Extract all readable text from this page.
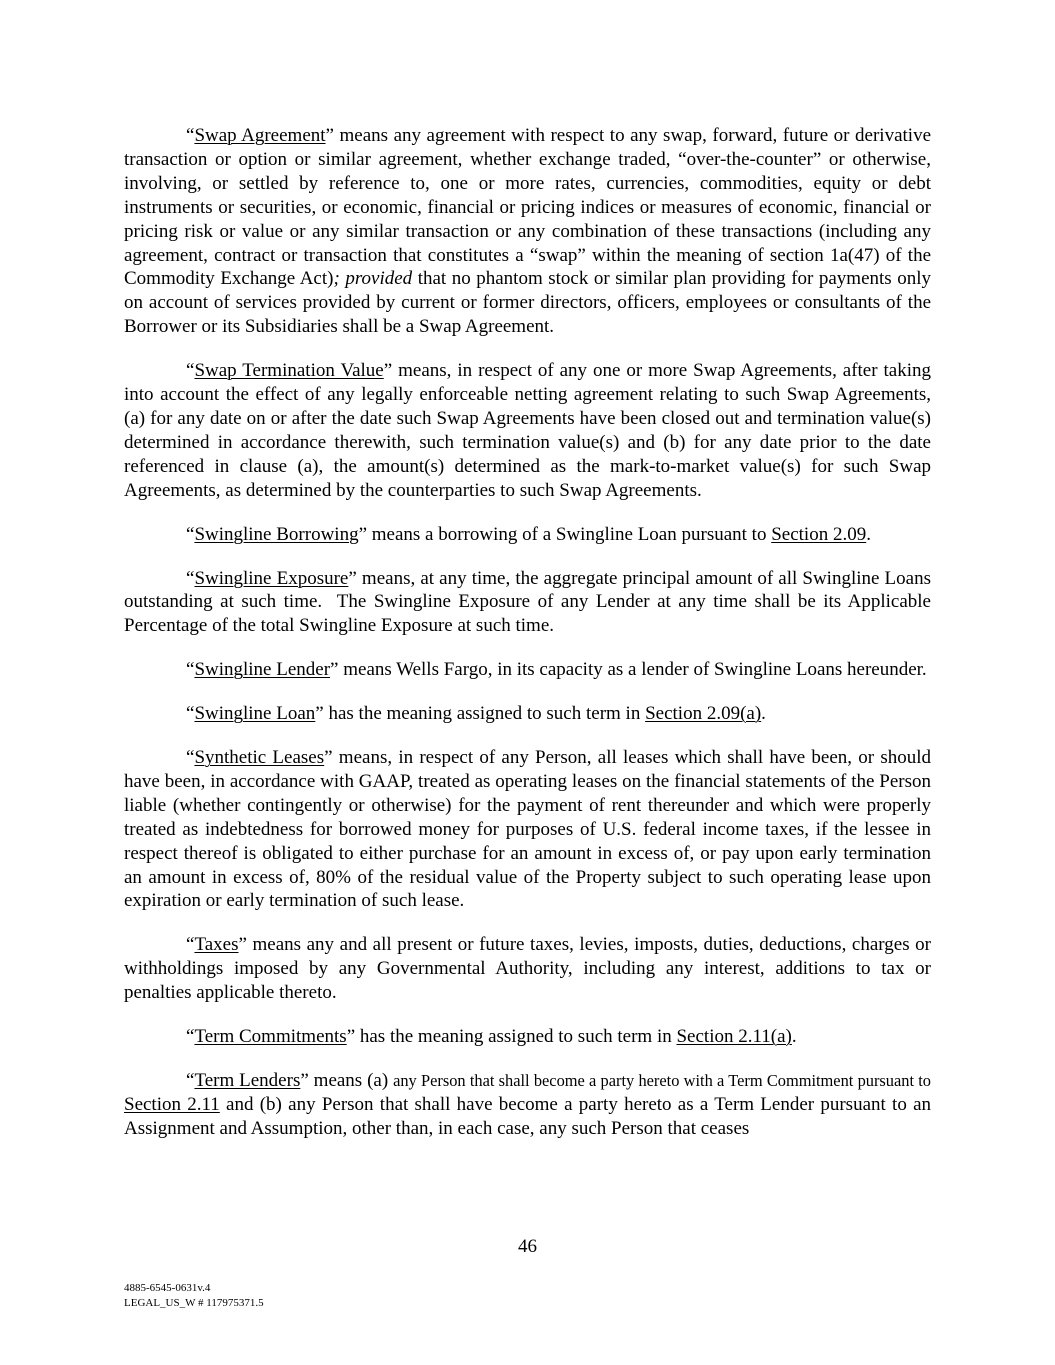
“Swap Agreement” means any agreement with respect to any swap, forward, future or derivative transaction or option or similar agreement, whether exchange traded, “over-the-counter” or otherwise, involving, or settled by reference to, one or more rates, currencies, commodities, equity or debt instruments or securities, or economic, financial or pricing indices or measures of economic, financial or pricing risk or value or any similar transaction or any combination of these transactions (including any agreement, contract or transaction that constitutes a “swap” within the meaning of section 1a(47) of the Commodity Exchange Act); provided that no phantom stock or similar plan providing for payments only on account of services provided by current or former directors, officers, employees or consultants of the Borrower or its Subsidiaries shall be a Swap Agreement.

“Swap Termination Value” means, in respect of any one or more Swap Agreements, after taking into account the effect of any legally enforceable netting agreement relating to such Swap Agreements, (a) for any date on or after the date such Swap Agreements have been closed out and termination value(s) determined in accordance therewith, such termination value(s) and (b) for any date prior to the date referenced in clause (a), the amount(s) determined as the mark-to-market value(s) for such Swap Agreements, as determined by the counterparties to such Swap Agreements.

“Swingline Borrowing” means a borrowing of a Swingline Loan pursuant to Section 2.09.

“Swingline Exposure” means, at any time, the aggregate principal amount of all Swingline Loans outstanding at such time.  The Swingline Exposure of any Lender at any time shall be its Applicable Percentage of the total Swingline Exposure at such time.

“Swingline Lender” means Wells Fargo, in its capacity as a lender of Swingline Loans hereunder.

“Swingline Loan” has the meaning assigned to such term in Section 2.09(a).

“Synthetic Leases” means, in respect of any Person, all leases which shall have been, or should have been, in accordance with GAAP, treated as operating leases on the financial statements of the Person liable (whether contingently or otherwise) for the payment of rent thereunder and which were properly treated as indebtedness for borrowed money for purposes of U.S. federal income taxes, if the lessee in respect thereof is obligated to either purchase for an amount in excess of, or pay upon early termination an amount in excess of, 80% of the residual value of the Property subject to such operating lease upon expiration or early termination of such lease.

“Taxes” means any and all present or future taxes, levies, imposts, duties, deductions, charges or withholdings imposed by any Governmental Authority, including any interest, additions to tax or penalties applicable thereto.

“Term Commitments” has the meaning assigned to such term in Section 2.11(a).

“Term Lenders” means (a) any Person that shall become a party hereto with a Term Commitment pursuant to Section 2.11 and (b) any Person that shall have become a party hereto as a Term Lender pursuant to an Assignment and Assumption, other than, in each case, any such Person that ceases

46
4885-6545-0631v.4
LEGAL_US_W # 117975371.5
